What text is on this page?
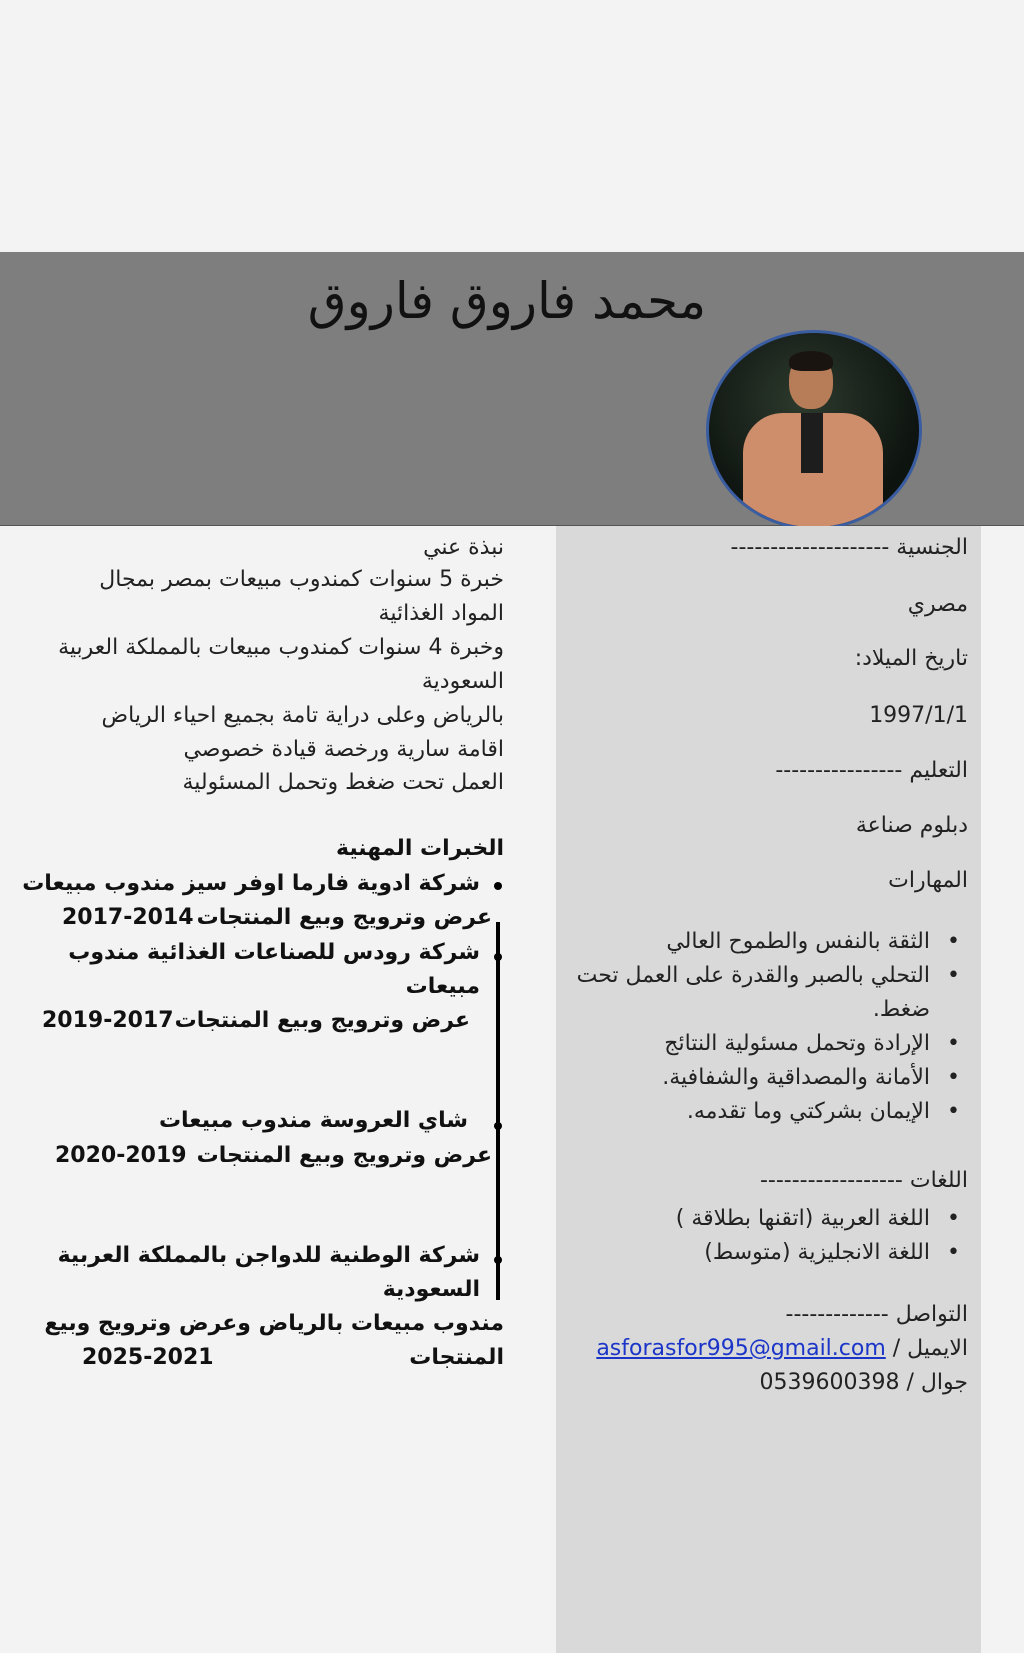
محمد فاروق فاروق
الجنسية --------------------
مصري
تاريخ الميلاد:
1997/1/1
التعليم ----------------
دبلوم صناعة
المهارات
• الثقة بالنفس والطموح العالي
• التحلي بالصبر والقدرة على العمل تحت ضغط.
• الإرادة وتحمل مسئولية النتائج
• الأمانة والمصداقية والشفافية.
• الإيمان بشركتي وما تقدمه.
اللغات ------------------
• اللغة العربية (اتقنها بطلاقة )
• اللغة الانجليزية (متوسط)
التواصل -------------
الايميل / asforasfor995@gmail.com
جوال / 0539600398
نبذة عني
خبرة 5 سنوات كمندوب مبيعات بمصر بمجال
المواد الغذائية
وخبرة 4 سنوات كمندوب مبيعات بالمملكة العربية
السعودية
بالرياض وعلى دراية تامة بجميع احياء الرياض
اقامة سارية ورخصة قيادة خصوصي
العمل تحت ضغط وتحمل المسئولية
الخبرات المهنية
شركة ادوية فارما اوفر سيز مندوب مبيعات
عرض وترويج وبيع المنتجات
2017-2014
شركة رودس للصناعات الغذائية مندوب
مبيعات
عرض وترويج وبيع المنتجات
2019-2017
شاي العروسة مندوب مبيعات
عرض وترويج وبيع المنتجات
2020-2019
شركة الوطنية للدواجن بالمملكة العربية
السعودية
مندوب مبيعات بالرياض وعرض وترويج وبيع
المنتجات
2025-2021
